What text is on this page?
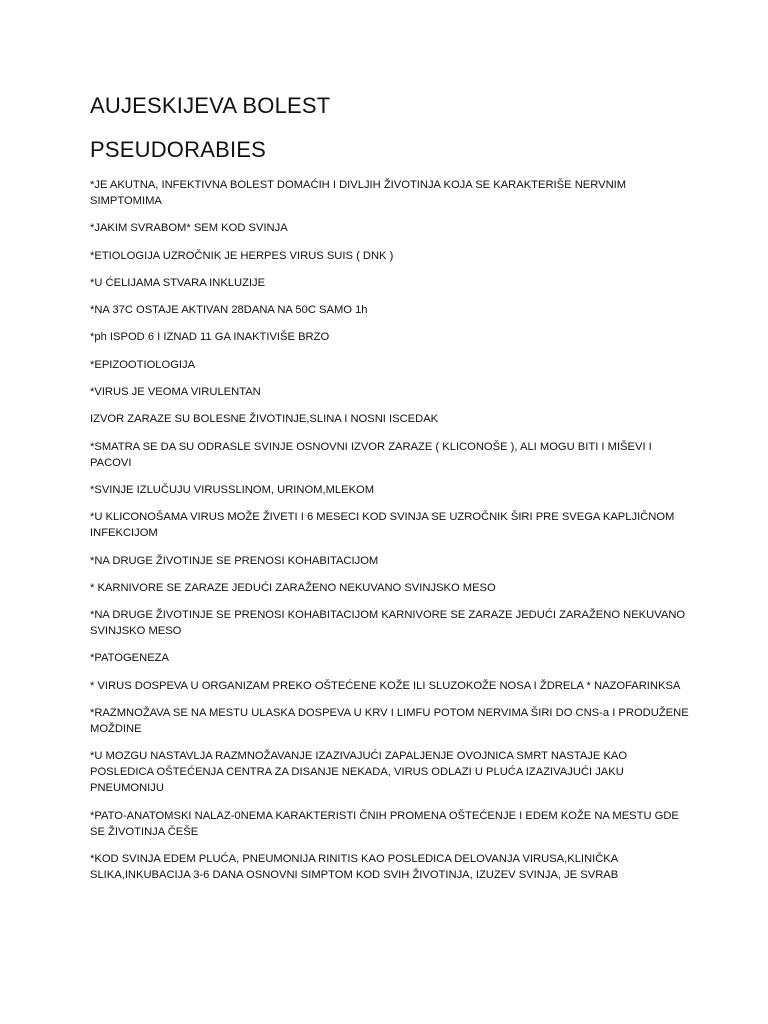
AUJESKIJEVA BOLEST
PSEUDORABIES

*JE AKUTNA, INFEKTIVNA BOLEST DOMAĆIH I DIVLJIH ŽIVOTINJA KOJA SE KARAKTERIŠE NERVNIM SIMPTOMIMA

*JAKIM SVRABOM* SEM KOD SVINJA

*ETIOLOGIJA UZROČNIK JE HERPES VIRUS SUIS ( DNK )

*U ĆELIJAMA STVARA INKLUZIJE

*NA 37C OSTAJE AKTIVAN 28DANA NA 50C SAMO 1h

*ph ISPOD 6 I IZNAD 11 GA INAKTIVIŠE BRZO

*EPIZOOTIOLOGIJA

*VIRUS JE VEOMA VIRULENTAN

IZVOR ZARAZE SU BOLESNE ŽIVOTINJE,SLINA I NOSNI ISCEDAK

*SMATRA SE DA SU ODRASLE SVINJE OSNOVNI IZVOR ZARAZE ( KLICONOŠE ), ALI MOGU BITI I MIŠEVI I PACOVI

*SVINJE IZLUČUJU VIRUSSLINOM, URINOM,MLEKOM

*U KLICONOŠAMA VIRUS MOŽE ŽIVETI I 6 MESECI KOD SVINJA SE UZROČNIK ŠIRI PRE SVEGA KAPLJIČNOM INFEKCIJOM

*NA DRUGE ŽIVOTINJE SE PRENOSI KOHABITACIJOM

* KARNIVORE SE ZARAZE JEDUĆI ZARAŽENO NEKUVANO SVINJSKO MESO

*NA DRUGE ŽIVOTINJE SE PRENOSI KOHABITACIJOM KARNIVORE SE ZARAZE JEDUĆI ZARAŽENO NEKUVANO SVINJSKO MESO

*PATOGENEZA

* VIRUS DOSPEVA U ORGANIZAM PREKO OŠTEĆENE KOŽE ILI SLUZOKOŽE NOSA I ŽDRELA * NAZOFARINKSA

*RAZMNOŽAVA SE NA MESTU ULASKA DOSPEVA U KRV I LIMFU POTOM NERVIMA ŠIRI DO CNS-a I PRODUŽENE MOŽDINE

*U MOZGU NASTAVLJA RAZMNOŽAVANJE IZAZIVAJUĆI ZAPALJENJE OVOJNICA SMRT NASTAJE KAO POSLEDICA OŠTEĆENJA CENTRA ZA DISANJE NEKADA, VIRUS ODLAZI U PLUĆA IZAZIVAJUĆI JAKU PNEUMONIJU

*PATO-ANATOMSKI NALAZ-0NEMA KARAKTERISTI ČNIH PROMENA OŠTEĆENJE I EDEM KOŽE NA MESTU GDE SE ŽIVOTINJA ČEŠE

*KOD SVINJA EDEM PLUĆA, PNEUMONIJA RINITIS KAO POSLEDICA DELOVANJA VIRUSA,KLINIČKA SLIKA,INKUBACIJA 3-6 DANA OSNOVNI SIMPTOM KOD SVIH ŽIVOTINJA, IZUZEV SVINJA, JE SVRAB
